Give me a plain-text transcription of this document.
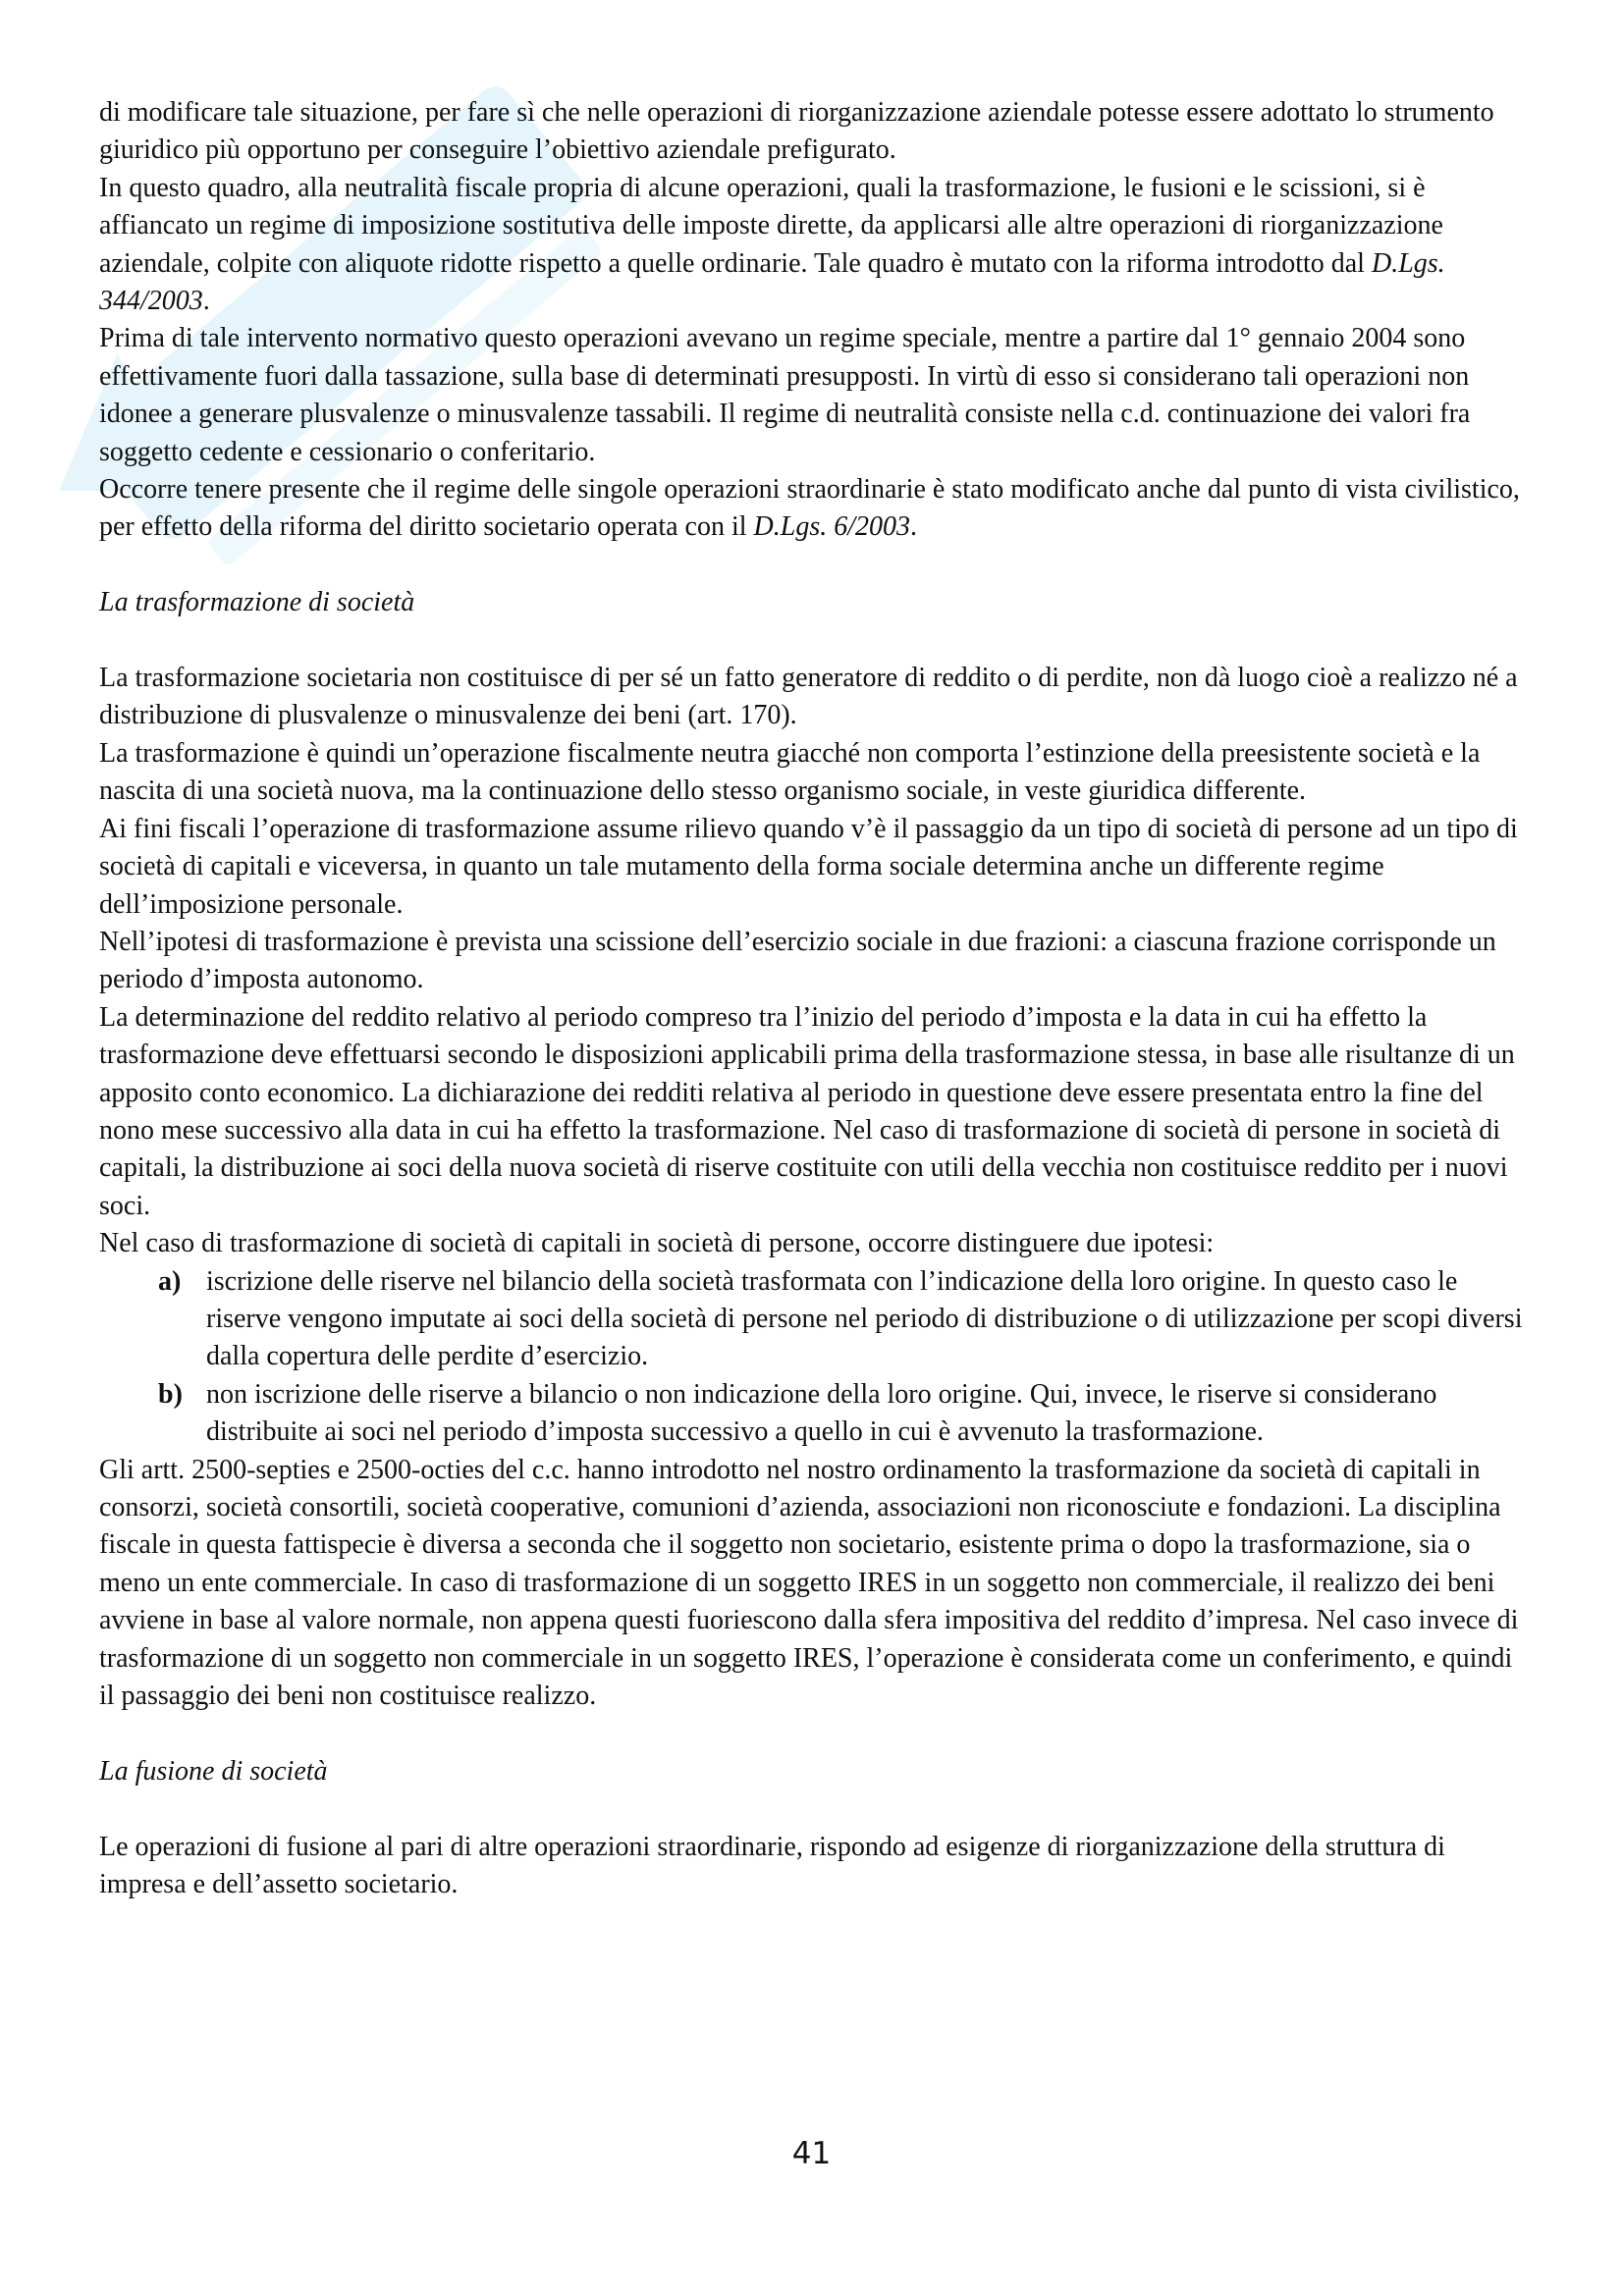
di modificare tale situazione, per fare sì che nelle operazioni di riorganizzazione aziendale potesse essere adottato lo strumento giuridico più opportuno per conseguire l’obiettivo aziendale prefigurato.

In questo quadro, alla neutralità fiscale propria di alcune operazioni, quali la trasformazione, le fusioni e le scissioni, si è affiancato un regime di imposizione sostitutiva delle imposte dirette, da applicarsi alle altre operazioni di riorganizzazione aziendale, colpite con aliquote ridotte rispetto a quelle ordinarie. Tale quadro è mutato con la riforma introdotto dal D.Lgs. 344/2003.

Prima di tale intervento normativo questo operazioni avevano un regime speciale, mentre a partire dal 1° gennaio 2004 sono effettivamente fuori dalla tassazione, sulla base di determinati presupposti. In virtù di esso si considerano tali operazioni non idonee a generare plusvalenze o minusvalenze tassabili. Il regime di neutralità consiste nella c.d. continuazione dei valori fra soggetto cedente e cessionario o conferitario.

Occorre tenere presente che il regime delle singole operazioni straordinarie è stato modificato anche dal punto di vista civilistico, per effetto della riforma del diritto societario operata con il D.Lgs. 6/2003.

La trasformazione di società

La trasformazione societaria non costituisce di per sé un fatto generatore di reddito o di perdite, non dà luogo cioè a realizzo né a distribuzione di plusvalenze o minusvalenze dei beni (art. 170).

La trasformazione è quindi un’operazione fiscalmente neutra giacché non comporta l’estinzione della preesistente società e la nascita di una società nuova, ma la continuazione dello stesso organismo sociale, in veste giuridica differente.

Ai fini fiscali l’operazione di trasformazione assume rilievo quando v’è il passaggio da un tipo di società di persone ad un tipo di società di capitali e viceversa, in quanto un tale mutamento della forma sociale determina anche un differente regime dell’imposizione personale.

Nell’ipotesi di trasformazione è prevista una scissione dell’esercizio sociale in due frazioni: a ciascuna frazione corrisponde un periodo d’imposta autonomo.

La determinazione del reddito relativo al periodo compreso tra l’inizio del periodo d’imposta e la data in cui ha effetto la trasformazione deve effettuarsi secondo le disposizioni applicabili prima della trasformazione stessa, in base alle risultanze di un apposito conto economico. La dichiarazione dei redditi relativa al periodo in questione deve essere presentata entro la fine del nono mese successivo alla data in cui ha effetto la trasformazione. Nel caso di trasformazione di società di persone in società di capitali, la distribuzione ai soci della nuova società di riserve costituite con utili della vecchia non costituisce reddito per i nuovi soci.

Nel caso di trasformazione di società di capitali in società di persone, occorre distinguere due ipotesi:

a) iscrizione delle riserve nel bilancio della società trasformata con l’indicazione della loro origine. In questo caso le riserve vengono imputate ai soci della società di persone nel periodo di distribuzione o di utilizzazione per scopi diversi dalla copertura delle perdite d’esercizio.
b) non iscrizione delle riserve a bilancio o non indicazione della loro origine. Qui, invece, le riserve si considerano distribuite ai soci nel periodo d’imposta successivo a quello in cui è avvenuto la trasformazione.

Gli artt. 2500-septies e 2500-octies del c.c. hanno introdotto nel nostro ordinamento la trasformazione da società di capitali in consorzi, società consortili, società cooperative, comunioni d’azienda, associazioni non riconosciute e fondazioni. La disciplina fiscale in questa fattispecie è diversa a seconda che il soggetto non societario, esistente prima o dopo la trasformazione, sia o meno un ente commerciale. In caso di trasformazione di un soggetto IRES in un soggetto non commerciale, il realizzo dei beni avviene in base al valore normale, non appena questi fuoriescono dalla sfera impositiva del reddito d’impresa. Nel caso invece di trasformazione di un soggetto non commerciale in un soggetto IRES, l’operazione è considerata come un conferimento, e quindi il passaggio dei beni non costituisce realizzo.

La fusione di società

Le operazioni di fusione al pari di altre operazioni straordinarie, rispondo ad esigenze di riorganizzazione della struttura di impresa e dell’assetto societario.

41
